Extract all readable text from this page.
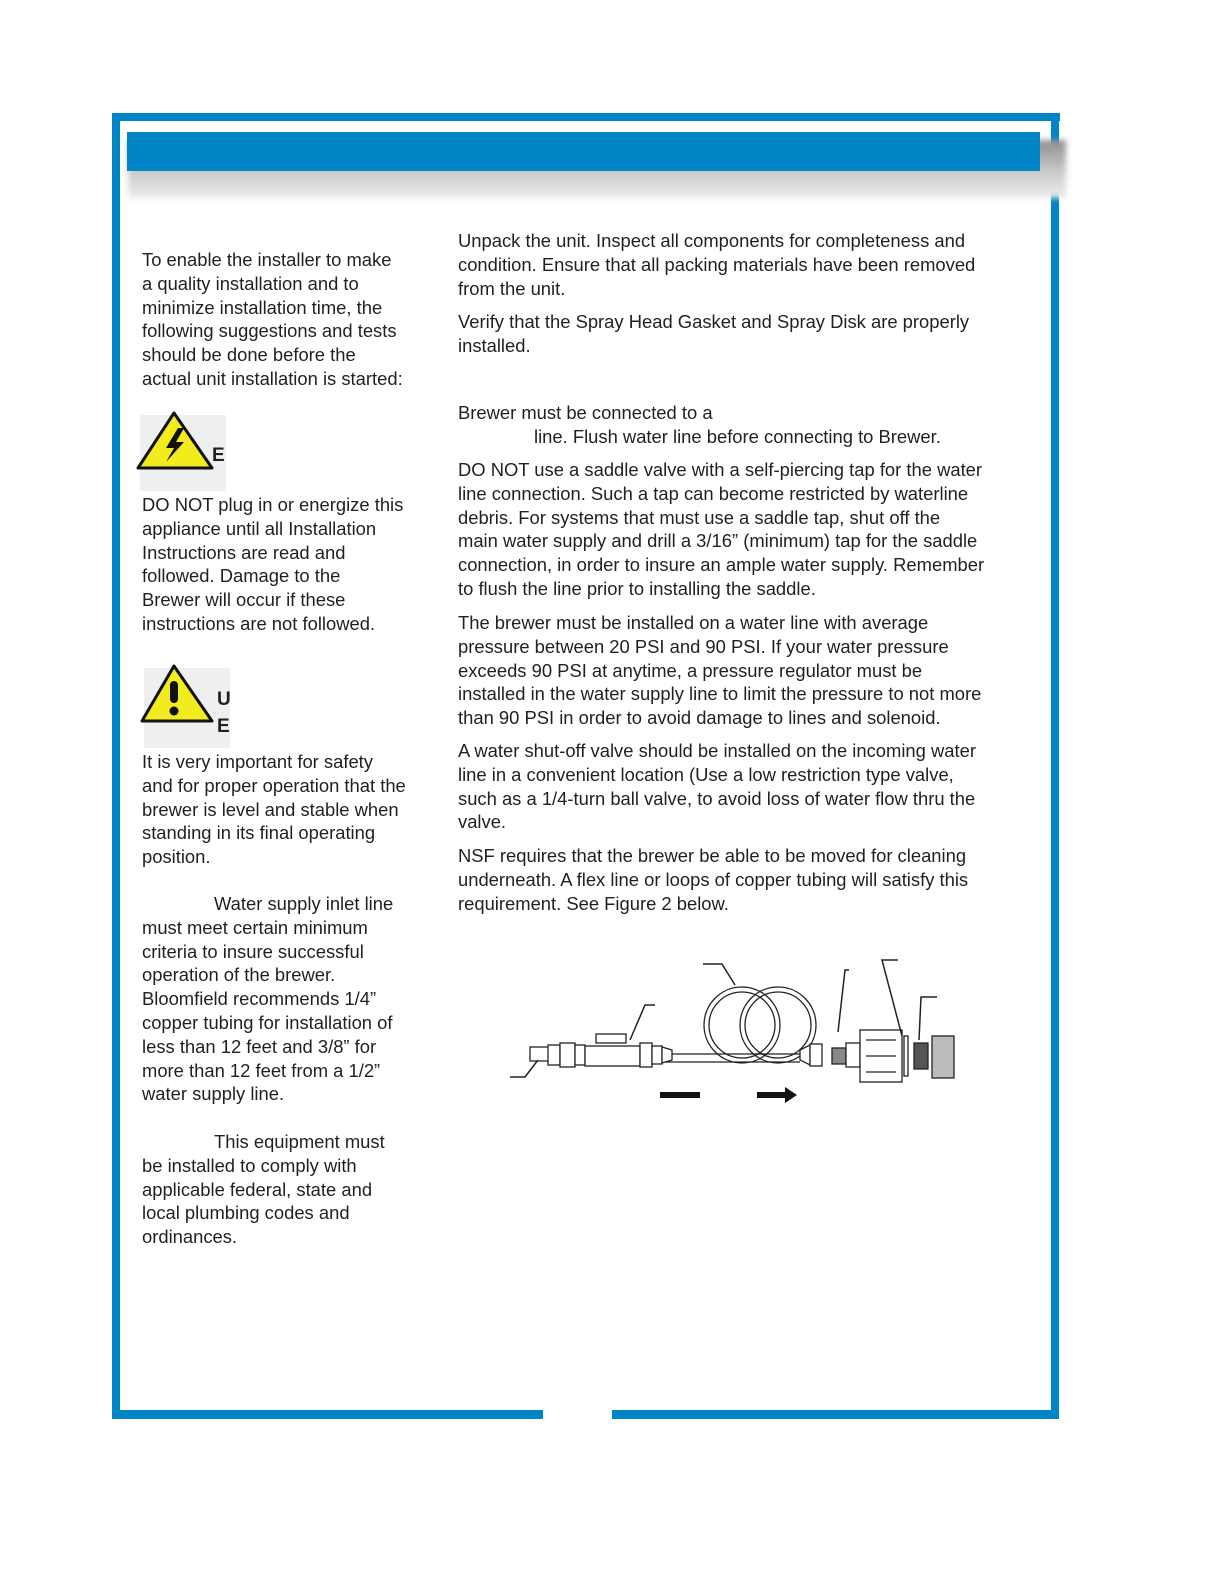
To enable the installer to make
a quality installation and to
minimize installation time, the
following suggestions and tests
should be done before the
actual unit installation is started:
E
DO NOT plug in or energize this
appliance until all Installation
Instructions are read and
followed. Damage to the
Brewer will occur if these
instructions are not followed.
U
E
It is very important for safety
and for proper operation that the
brewer is level and stable when
standing in its final operating
position.
Water supply inlet line
must meet certain minimum
criteria to insure successful
operation of the brewer.
Bloomfield recommends 1/4”
copper tubing for installation of
less than 12 feet and 3/8” for
more than 12 feet from a 1/2”
water supply line.
This equipment must
be installed to comply with
applicable federal, state and
local plumbing codes and
ordinances.
Unpack the unit. Inspect all components for completeness and
condition. Ensure that all packing materials have been removed
from the unit.
Verify that the Spray Head Gasket and Spray Disk are properly
installed.
Brewer must be connected to a
line. Flush water line before connecting to Brewer.
DO NOT use a saddle valve with a self-piercing tap for the water
line connection. Such a tap can become restricted by waterline
debris. For systems that must use a saddle tap, shut off the
main water supply and drill a 3/16” (minimum) tap for the saddle
connection, in order to insure an ample water supply. Remember
to flush the line prior to installing the saddle.
The brewer must be installed on a water line with average
pressure between 20 PSI and 90 PSI. If your water pressure
exceeds 90 PSI at anytime, a pressure regulator must be
installed in the water supply line to limit the pressure to not more
than 90 PSI in order to avoid damage to lines and solenoid.
A water shut-off valve should be installed on the incoming water
line in a convenient location (Use a low restriction type valve,
such as a 1/4-turn ball valve, to avoid loss of water flow thru the
valve.
NSF requires that the brewer be able to be moved for cleaning
underneath. A flex line or loops of copper tubing will satisfy this
requirement. See Figure 2 below.
